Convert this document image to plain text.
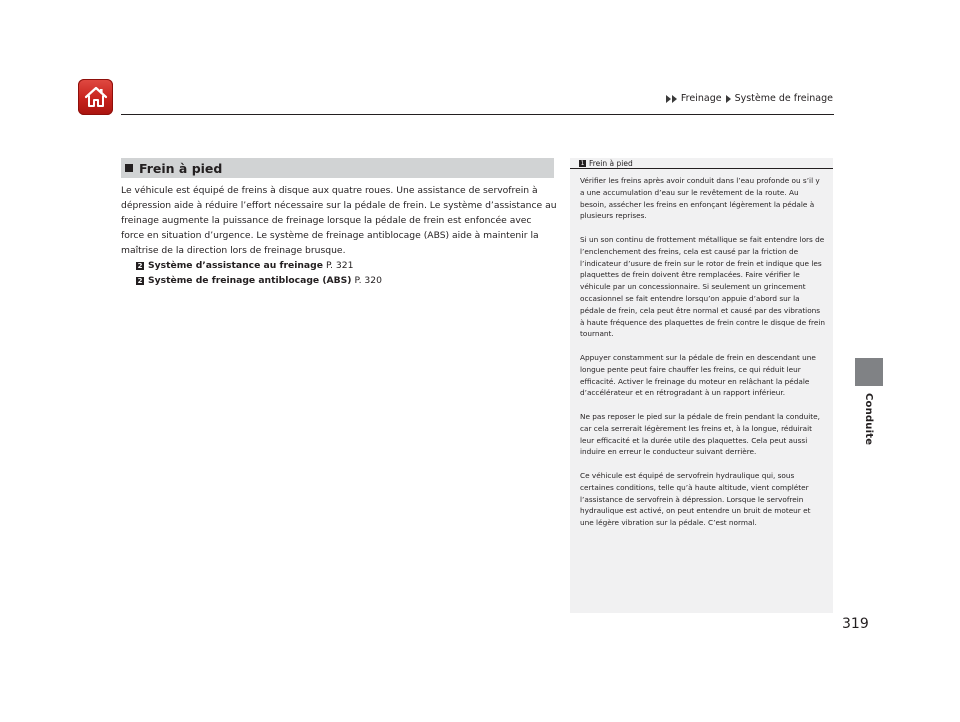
Freinage Système de freinage
Conduite
Frein à pied

Le véhicule est équipé de freins à disque aux quatre roues. Une assistance de servofrein à dépression aide à réduire l’effort nécessaire sur la pédale de frein. Le système d’assistance au freinage augmente la puissance de freinage lorsque la pédale de frein est enfoncée avec force en situation d’urgence. Le système de freinage antiblocage (ABS) aide à maintenir la maîtrise de la direction lors de freinage brusque.

2 Système d’assistance au freinage P. 321
2 Système de freinage antiblocage (ABS) P. 320
1 Frein à pied

Vérifier les freins après avoir conduit dans l’eau profonde ou s’il y a une accumulation d’eau sur le revêtement de la route. Au besoin, assécher les freins en enfonçant légèrement la pédale à plusieurs reprises.

Si un son continu de frottement métallique se fait entendre lors de l’enclenchement des freins, cela est causé par la friction de l’indicateur d’usure de frein sur le rotor de frein et indique que les plaquettes de frein doivent être remplacées. Faire vérifier le véhicule par un concessionnaire. Si seulement un grincement occasionnel se fait entendre lorsqu’on appuie d’abord sur la pédale de frein, cela peut être normal et causé par des vibrations à haute fréquence des plaquettes de frein contre le disque de frein tournant.

Appuyer constamment sur la pédale de frein en descendant une longue pente peut faire chauffer les freins, ce qui réduit leur efficacité. Activer le freinage du moteur en relâchant la pédale d’accélérateur et en rétrogradant à un rapport inférieur.

Ne pas reposer le pied sur la pédale de frein pendant la conduite, car cela serrerait légèrement les freins et, à la longue, réduirait leur efficacité et la durée utile des plaquettes. Cela peut aussi induire en erreur le conducteur suivant derrière.

Ce véhicule est équipé de servofrein hydraulique qui, sous certaines conditions, telle qu’à haute altitude, vient compléter l’assistance de servofrein à dépression. Lorsque le servofrein hydraulique est activé, on peut entendre un bruit de moteur et une légère vibration sur la pédale. C’est normal.

319
